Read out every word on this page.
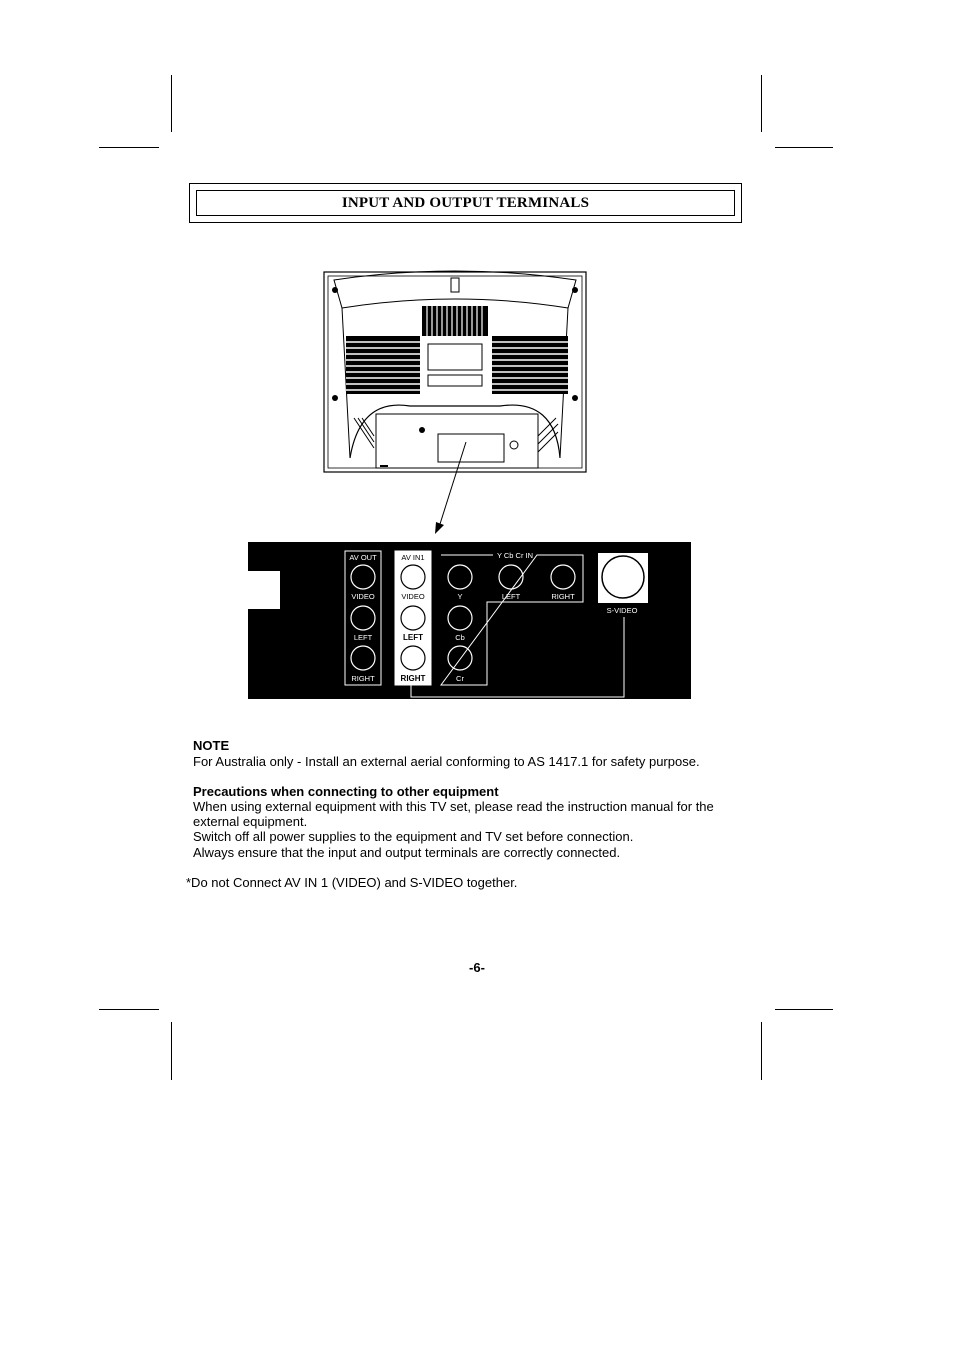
INPUT AND OUTPUT TERMINALS
AV OUT
VIDEO
LEFT
RIGHT
AV IN1
VIDEO
LEFT
RIGHT
Y Cb Cr IN
Y
Cb
Cr
LEFT	RIGHT
S-VIDEO
NOTE
For Australia only - Install an external aerial conforming to AS 1417.1 for safety purpose.
Precautions when connecting to other equipment
When using external equipment with this TV set, please read the instruction manual for the
external equipment.
Switch off all power supplies to the equipment and TV set before connection.
Always ensure that the input and output terminals are correctly connected.
*Do not Connect AV IN 1 (VIDEO) and S-VIDEO together.
-6-
